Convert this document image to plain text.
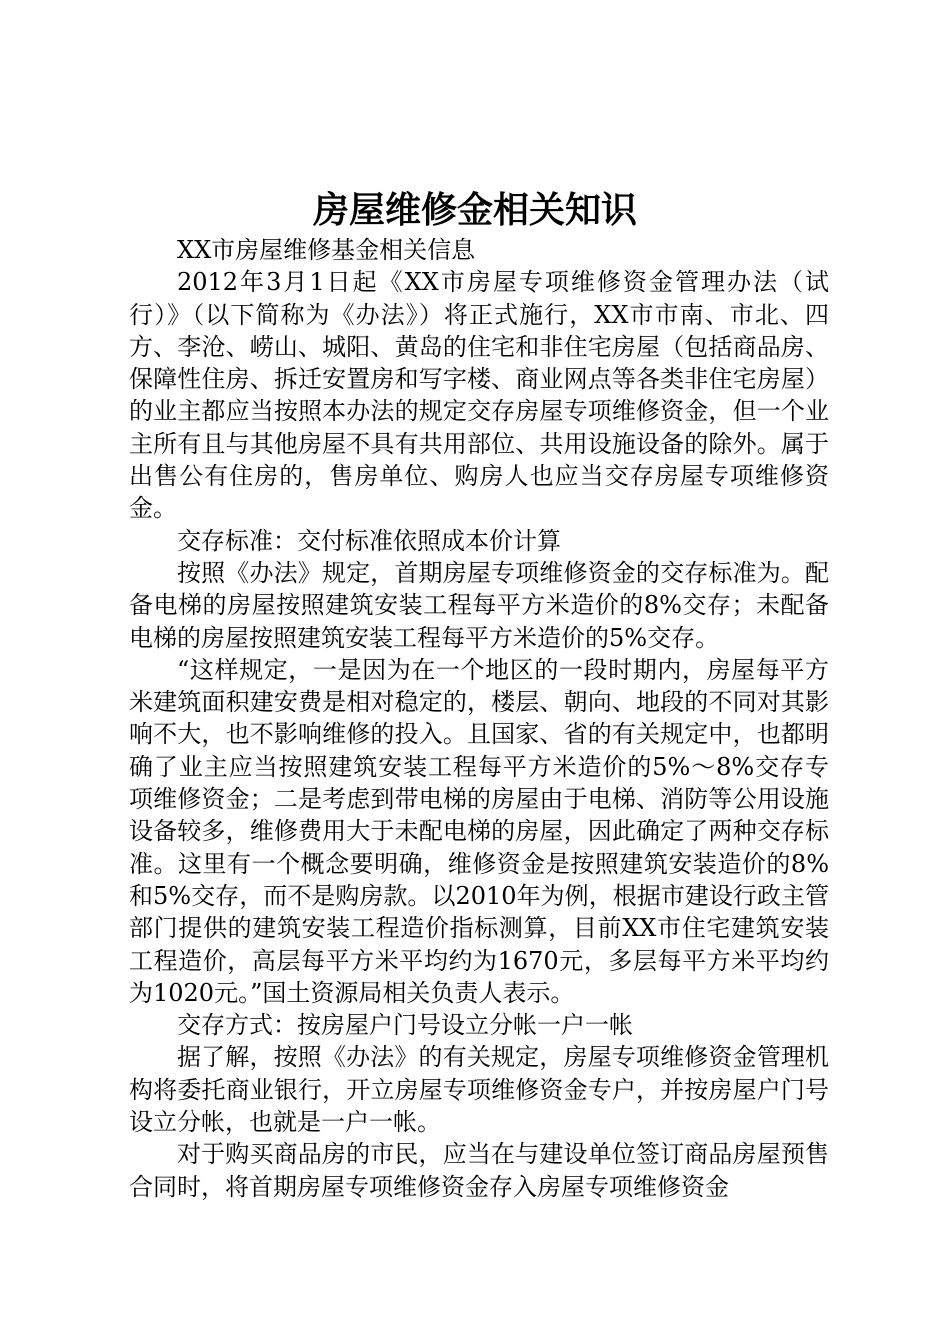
房屋维修金相关知识

XX市房屋维修基金相关信息

2012年3月1日起《XX市房屋专项维修资金管理办法（试行）》（以下简称为《办法》）将正式施行，XX市市南、市北、四方、李沧、崂山、城阳、黄岛的住宅和非住宅房屋（包括商品房、保障性住房、拆迁安置房和写字楼、商业网点等各类非住宅房屋）的业主都应当按照本办法的规定交存房屋专项维修资金，但一个业主所有且与其他房屋不具有共用部位、共用设施设备的除外。属于出售公有住房的，售房单位、购房人也应当交存房屋专项维修资金。

交存标准：交付标准依照成本价计算

按照《办法》规定，首期房屋专项维修资金的交存标准为。配备电梯的房屋按照建筑安装工程每平方米造价的8%交存；未配备电梯的房屋按照建筑安装工程每平方米造价的5%交存。

“这样规定，一是因为在一个地区的一段时期内，房屋每平方米建筑面积建安费是相对稳定的，楼层、朝向、地段的不同对其影响不大，也不影响维修的投入。且国家、省的有关规定中，也都明确了业主应当按照建筑安装工程每平方米造价的5%～8%交存专项维修资金；二是考虑到带电梯的房屋由于电梯、消防等公用设施设备较多，维修费用大于未配电梯的房屋，因此确定了两种交存标准。这里有一个概念要明确，维修资金是按照建筑安装造价的8%和5%交存，而不是购房款。以2010年为例，根据市建设行政主管部门提供的建筑安装工程造价指标测算，目前XX市住宅建筑安装工程造价，高层每平方米平均约为1670元，多层每平方米平均约为1020元。”国土资源局相关负责人表示。

交存方式：按房屋户门号设立分帐一户一帐

据了解，按照《办法》的有关规定，房屋专项维修资金管理机构将委托商业银行，开立房屋专项维修资金专户，并按房屋户门号设立分帐，也就是一户一帐。

对于购买商品房的市民，应当在与建设单位签订商品房屋预售合同时，将首期房屋专项维修资金存入房屋专项维修资金
